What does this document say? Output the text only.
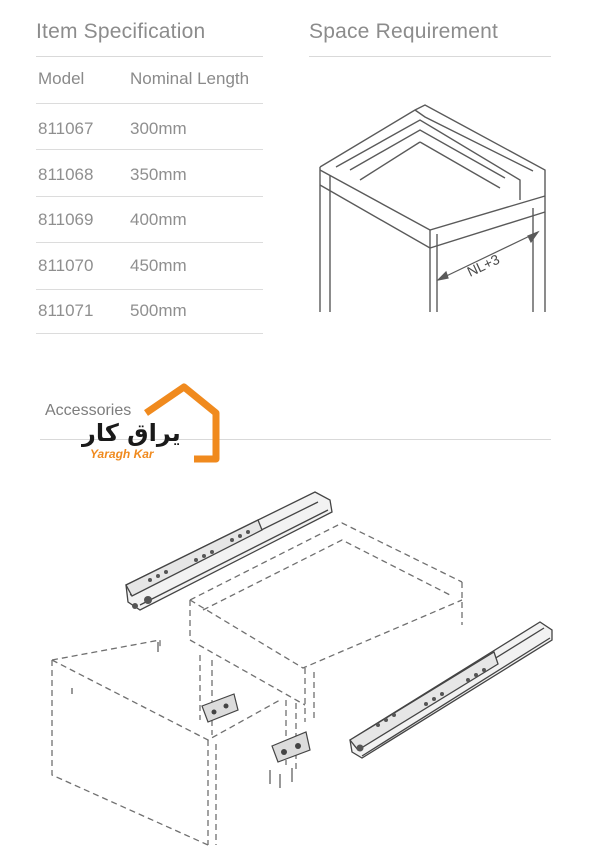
Item Specification
Model	Nominal Length
811067 300mm
811068 350mm
811069 400mm
811070 450mm
811071 500mm
Space Requirement
NL+3
Accessories
یراق کار
Yaragh Kar
